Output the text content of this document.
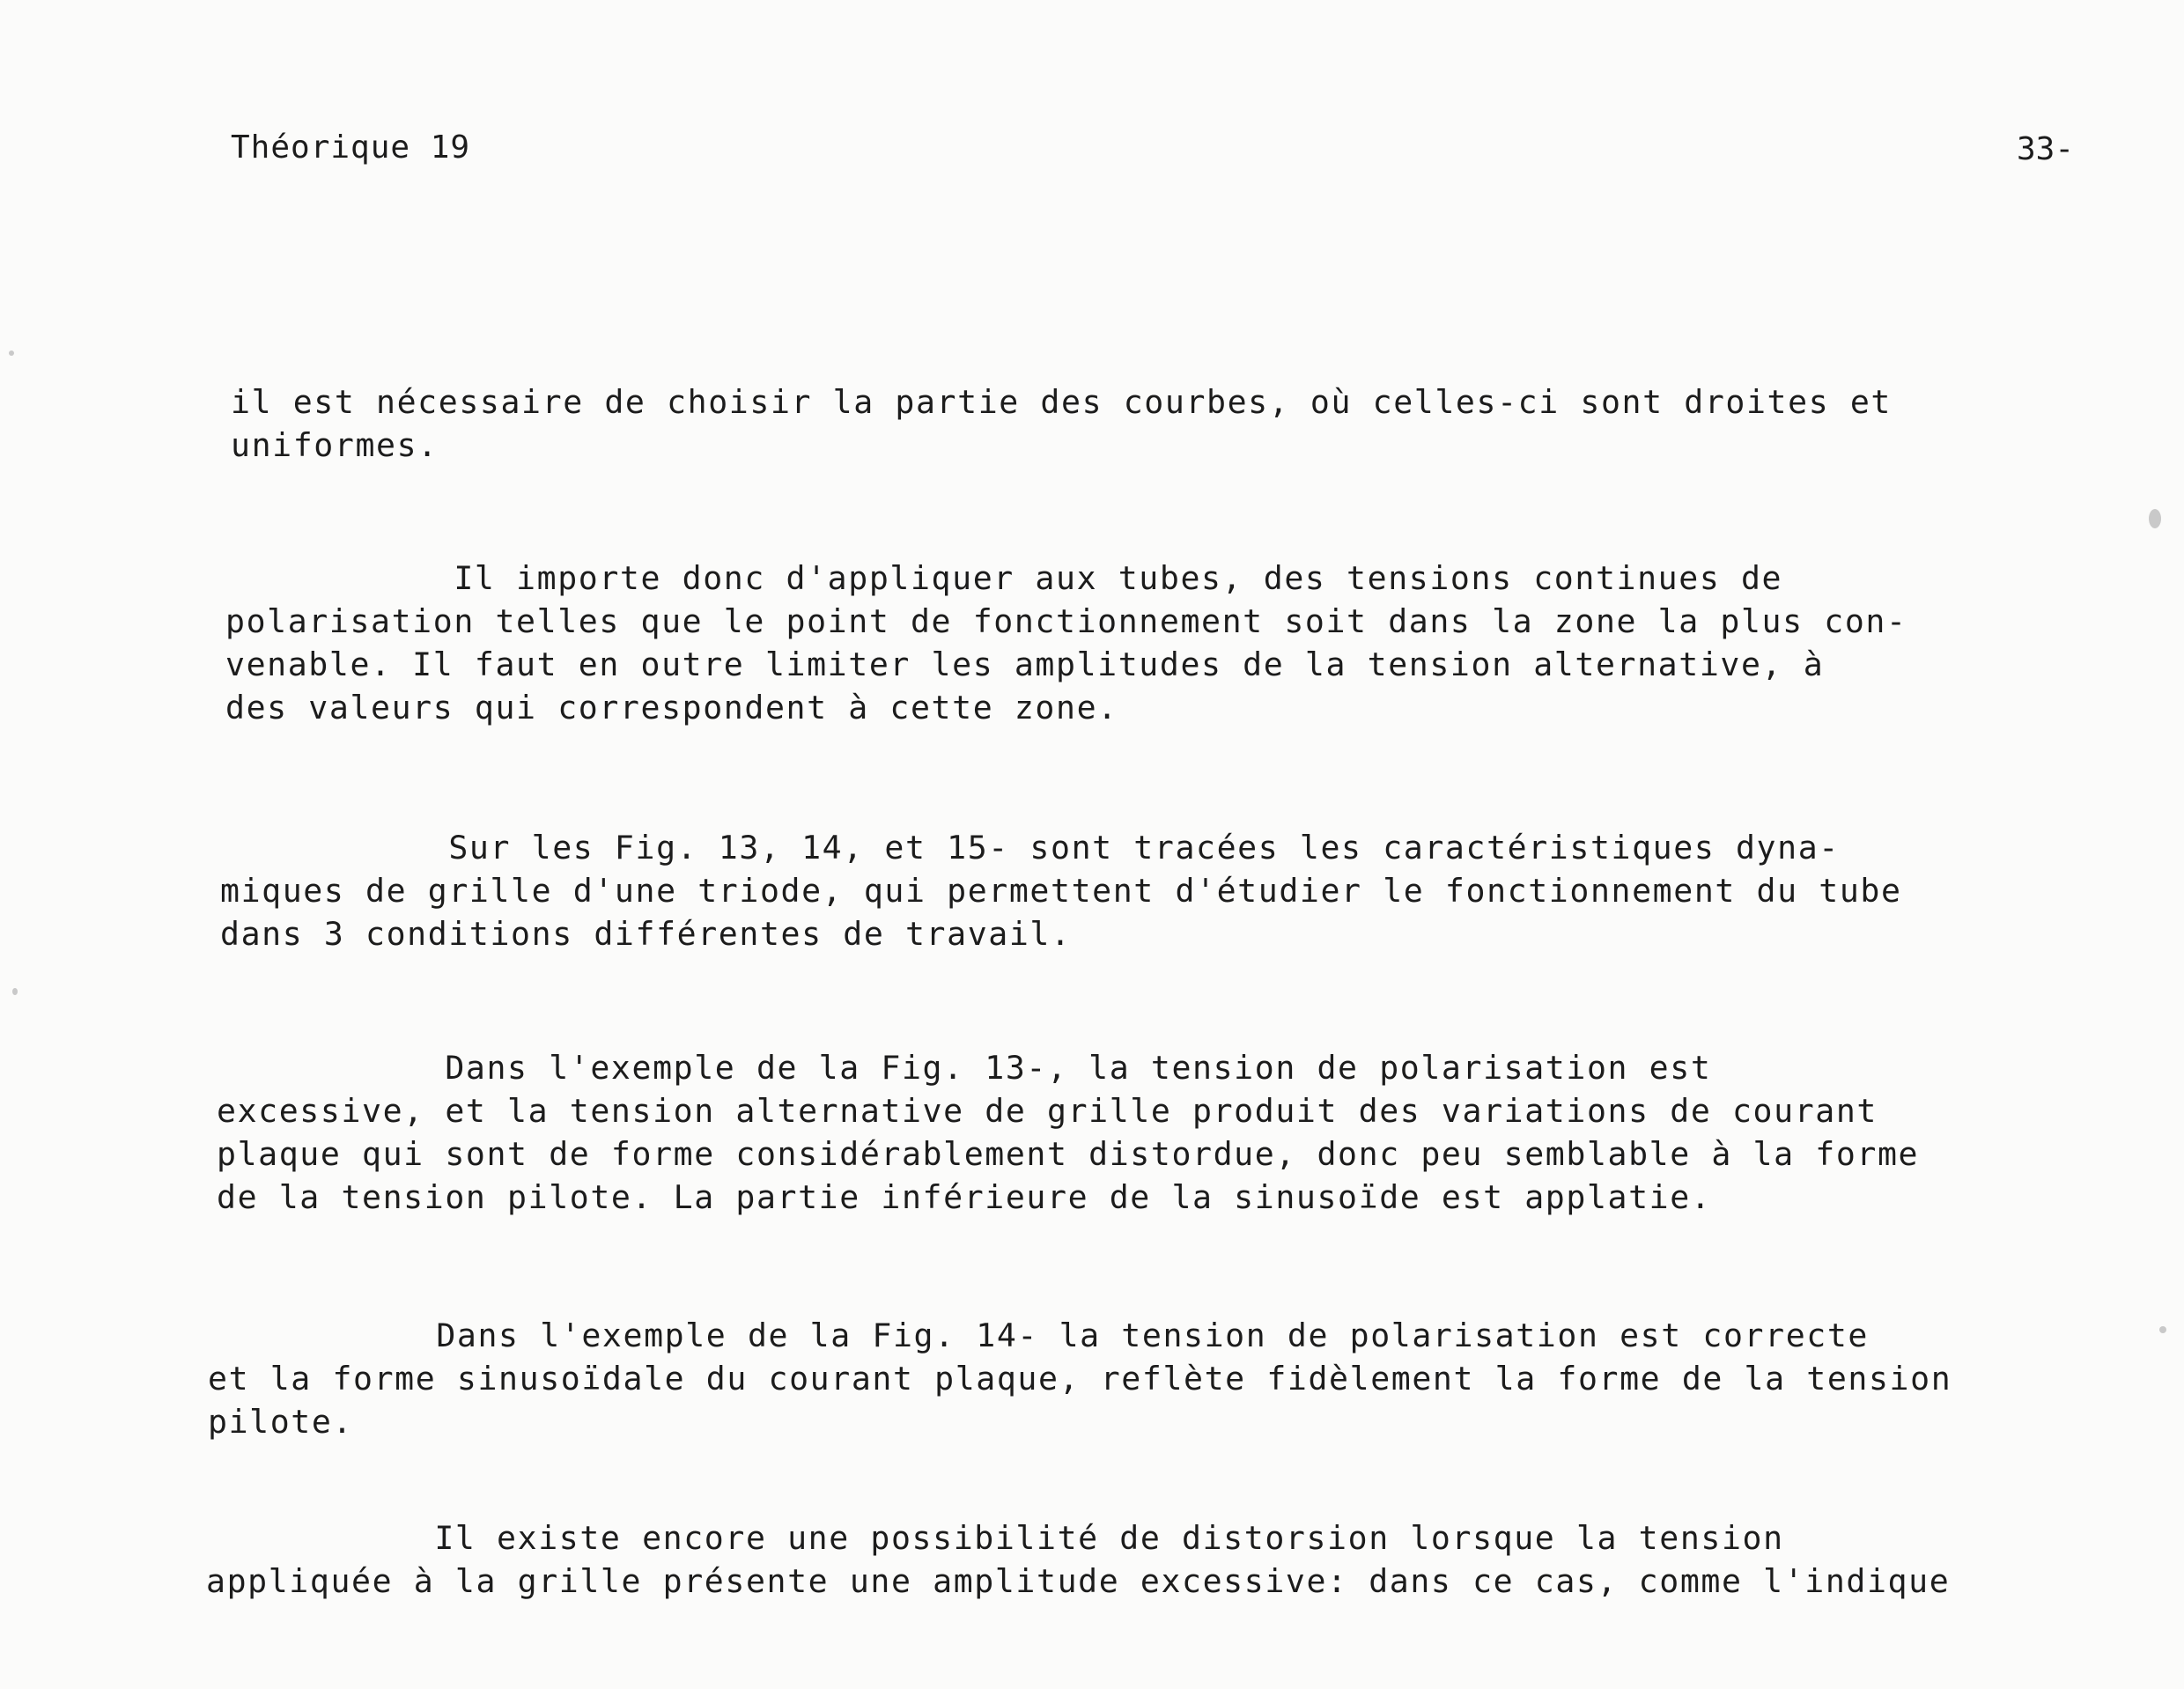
Théorique 19	33-

il est nécessaire de choisir la partie des courbes, où celles-ci sont droites et
uniformes.

Il importe donc d'appliquer aux tubes, des tensions continues de
polarisation telles que le point de fonctionnement soit dans la zone la plus con-
venable. Il faut en outre limiter les amplitudes de la tension alternative, à
des valeurs qui correspondent à cette zone.

Sur les Fig. 13, 14, et 15- sont tracées les caractéristiques dyna-
miques de grille d'une triode, qui permettent d'étudier le fonctionnement du tube
dans 3 conditions différentes de travail.

Dans l'exemple de la Fig. 13-, la tension de polarisation est
excessive, et la tension alternative de grille produit des variations de courant
plaque qui sont de forme considérablement distordue, donc peu semblable à la forme
de la tension pilote. La partie inférieure de la sinusoïde est applatie.

Dans l'exemple de la Fig. 14- la tension de polarisation est correcte
et la forme sinusoïdale du courant plaque, reflète fidèlement la forme de la tension
pilote.

Il existe encore une possibilité de distorsion lorsque la tension
appliquée à la grille présente une amplitude excessive: dans ce cas, comme l'indique
